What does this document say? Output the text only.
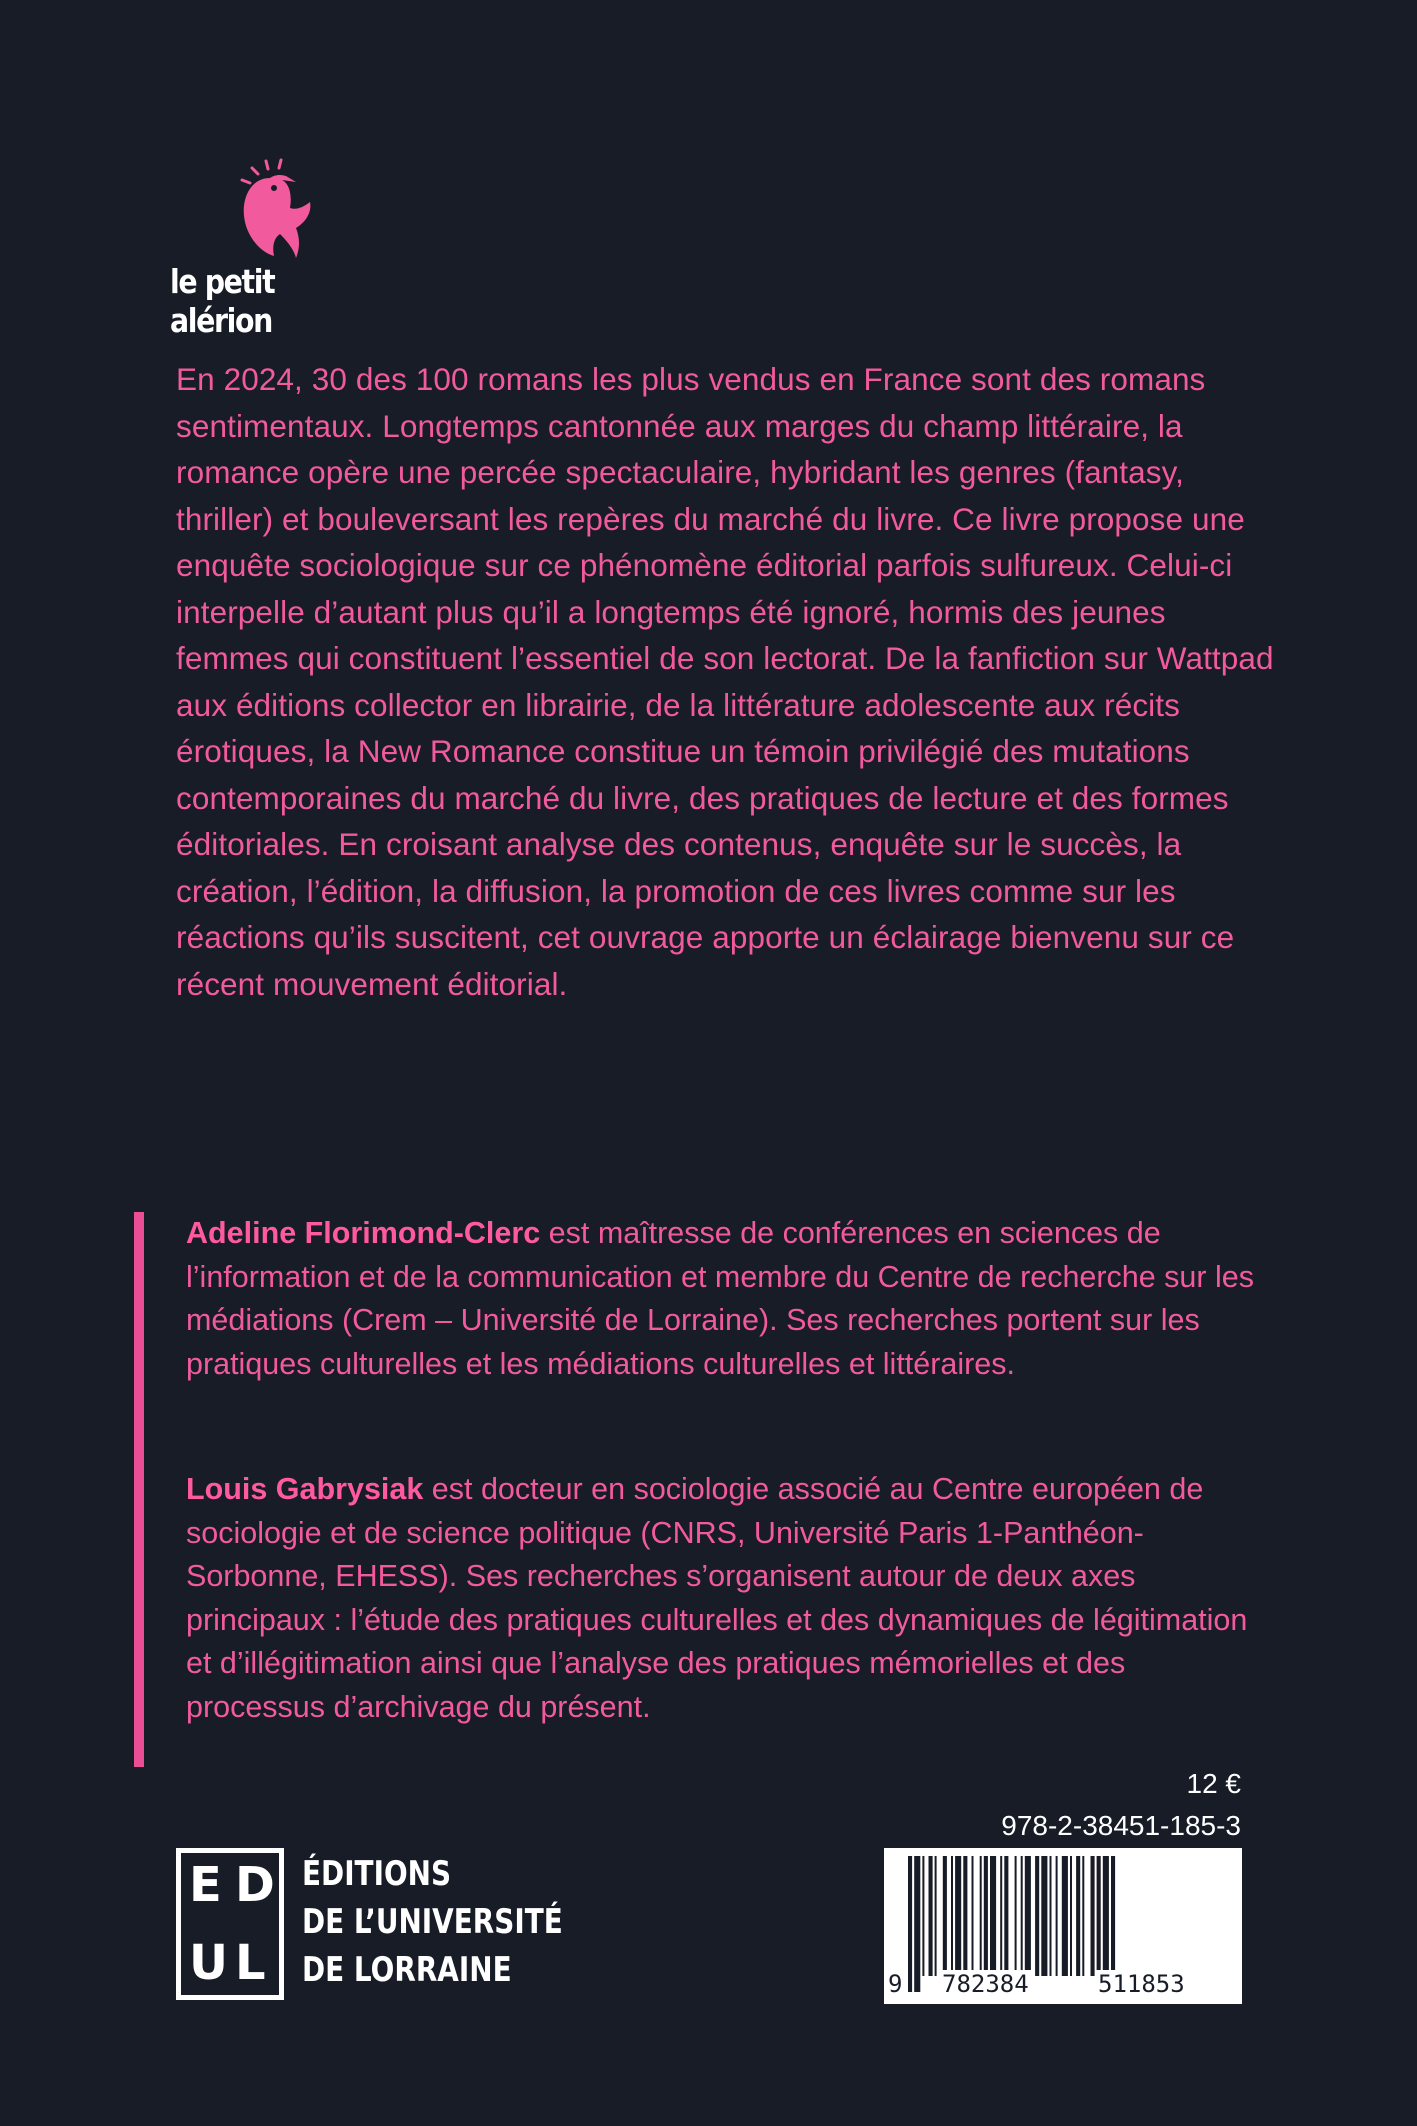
le petit alérion

En 2024, 30 des 100 romans les plus vendus en France sont des romans sentimentaux. Longtemps cantonnée aux marges du champ littéraire, la romance opère une percée spectaculaire, hybridant les genres (fantasy, thriller) et bouleversant les repères du marché du livre. Ce livre propose une enquête sociologique sur ce phénomène éditorial parfois sulfureux. Celui-ci interpelle d’autant plus qu’il a longtemps été ignoré, hormis des jeunes femmes qui constituent l’essentiel de son lectorat. De la fanfiction sur Wattpad aux éditions collector en librairie, de la littérature adolescente aux récits érotiques, la New Romance constitue un témoin privilégié des mutations contemporaines du marché du livre, des pratiques de lecture et des formes éditoriales. En croisant analyse des contenus, enquête sur le succès, la création, l’édition, la diffusion, la promotion de ces livres comme sur les réactions qu’ils suscitent, cet ouvrage apporte un éclairage bienvenu sur ce récent mouvement éditorial.

Adeline Florimond-Clerc est maîtresse de conférences en sciences de l’information et de la communication et membre du Centre de recherche sur les médiations (Crem – Université de Lorraine). Ses recherches portent sur les pratiques culturelles et les médiations culturelles et littéraires.

Louis Gabrysiak est docteur en sociologie associé au Centre européen de sociologie et de science politique (CNRS, Université Paris 1-Panthéon-Sorbonne, EHESS). Ses recherches s’organisent autour de deux axes principaux : l’étude des pratiques culturelles et des dynamiques de légitimation et d’illégitimation ainsi que l’analyse des pratiques mémorielles et des processus d’archivage du présent.

12 €
978-2-38451-185-3
9 782384	511853
E D
U L
ÉDITIONS
DE L’UNIVERSITÉ
DE LORRAINE
